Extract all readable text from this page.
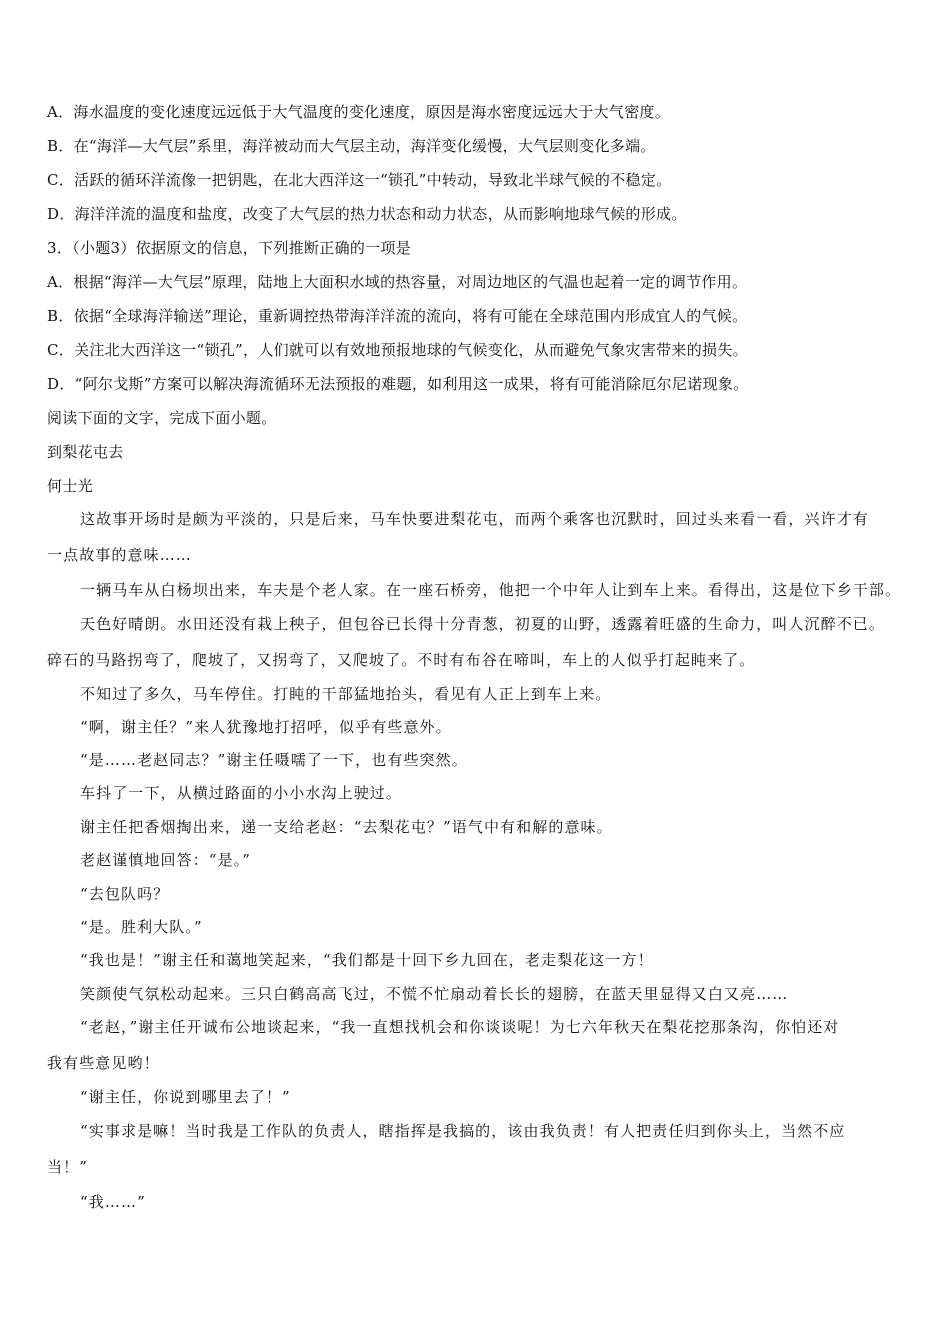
A．海水温度的变化速度远远低于大气温度的变化速度，原因是海水密度远远大于大气密度。
B．在“海洋—大气层”系里，海洋被动而大气层主动，海洋变化缓慢，大气层则变化多端。
C．活跃的循环洋流像一把钥匙，在北大西洋这一“锁孔”中转动，导致北半球气候的不稳定。
D．海洋洋流的温度和盐度，改变了大气层的热力状态和动力状态，从而影响地球气候的形成。
3．（小题3）依据原文的信息，下列推断正确的一项是
A．根据“海洋—大气层”原理，陆地上大面积水域的热容量，对周边地区的气温也起着一定的调节作用。
B．依据“全球海洋输送”理论，重新调控热带海洋洋流的流向，将有可能在全球范围内形成宜人的气候。
C．关注北大西洋这一“锁孔”，人们就可以有效地预报地球的气候变化，从而避免气象灾害带来的损失。
D．“阿尔戈斯”方案可以解决海流循环无法预报的难题，如利用这一成果，将有可能消除厄尔尼诺现象。
阅读下面的文字，完成下面小题。
到梨花屯去
何士光
这故事开场时是颇为平淡的，只是后来，马车快要进梨花屯，而两个乘客也沉默时，回过头来看一看，兴许才有
一点故事的意味……
一辆马车从白杨坝出来，车夫是个老人家。在一座石桥旁，他把一个中年人让到车上来。看得出，这是位下乡干部。
天色好晴朗。水田还没有栽上秧子，但包谷已长得十分青葱，初夏的山野，透露着旺盛的生命力，叫人沉醉不已。
碎石的马路拐弯了，爬坡了，又拐弯了，又爬坡了。不时有布谷在啼叫，车上的人似乎打起盹来了。
不知过了多久，马车停住。打盹的干部猛地抬头，看见有人正上到车上来。
“啊，谢主任？”来人犹豫地打招呼，似乎有些意外。
“是……老赵同志？”谢主任嗫嚅了一下，也有些突然。
车抖了一下，从横过路面的小小水沟上驶过。
谢主任把香烟掏出来，递一支给老赵：“去梨花屯？”语气中有和解的意味。
老赵谨慎地回答：“是。”
“去包队吗？
“是。胜利大队。”
“我也是！”谢主任和蔼地笑起来，“我们都是十回下乡九回在，老走梨花这一方！
笑颜使气氛松动起来。三只白鹤高高飞过，不慌不忙扇动着长长的翅膀，在蓝天里显得又白又亮……
“老赵，”谢主任开诚布公地谈起来，“我一直想找机会和你谈谈呢！为七六年秋天在梨花挖那条沟，你怕还对
我有些意见哟！
“谢主任，你说到哪里去了！”
“实事求是嘛！当时我是工作队的负责人，瞎指挥是我搞的，该由我负责！有人把责任归到你头上，当然不应
当！”
“我……”
